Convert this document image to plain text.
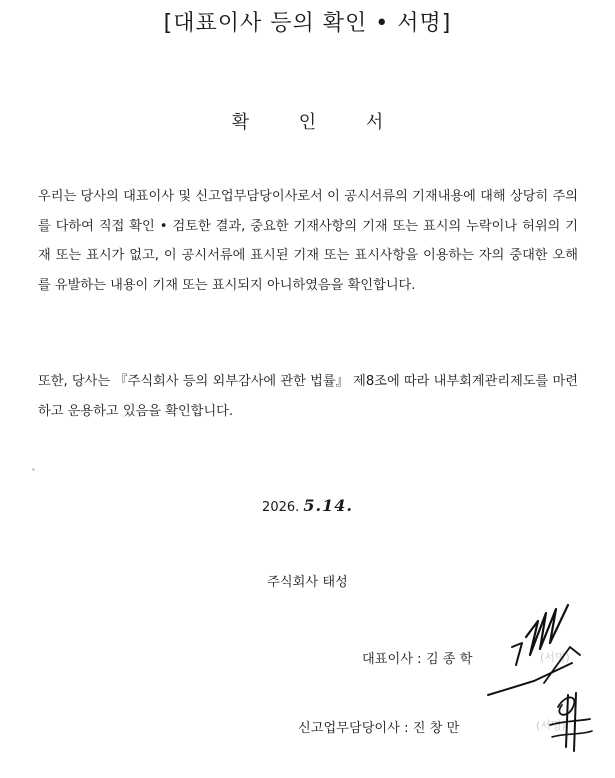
[대표이사 등의 확인 • 서명]
확 인 서
우리는 당사의 대표이사 및 신고업무담당이사로서 이 공시서류의 기재내용에 대해 상당히 주의를 다하여 직접 확인 • 검토한 결과, 중요한 기재사항의 기재 또는 표시의 누락이나 허위의 기재 또는 표시가 없고, 이 공시서류에 표시된 기재 또는 표시사항을 이용하는 자의 중대한 오해를 유발하는 내용이 기재 또는 표시되지 아니하였음을 확인합니다.
또한, 당사는 『주식회사 등의 외부감사에 관한 법률』 제8조에 따라 내부회계관리제도를 마련하고 운용하고 있음을 확인합니다.
2026. 5.14.
주식회사 태성
대표이사 : 김 종 학
신고업무담당이사 : 진 창 만
(서명)
(서명)
